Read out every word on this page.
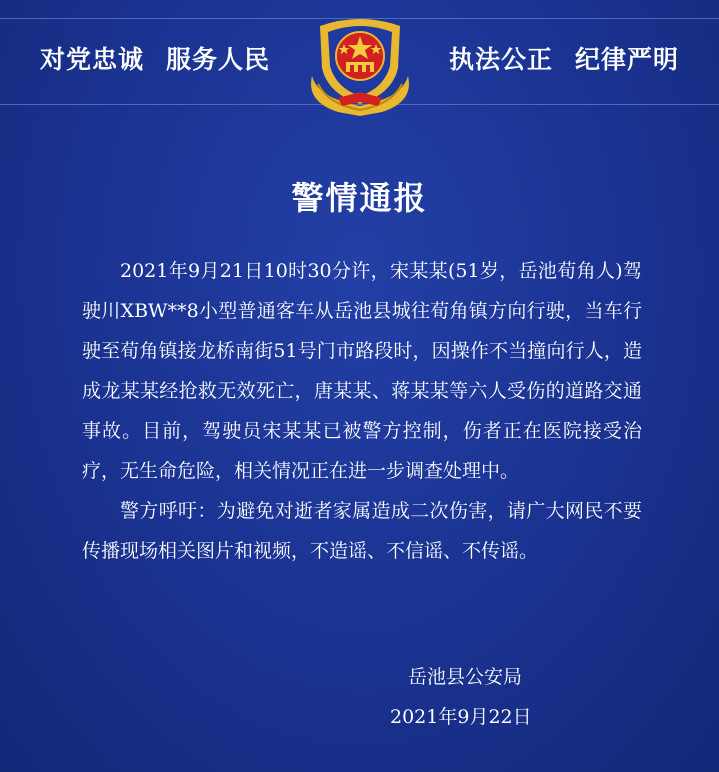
对党忠诚 服务人民	执法公正 纪律严明
警情通报

2021年9月21日10时30分许，宋某某(51岁，岳池荀角人)驾驶川XBW**8小型普通客车从岳池县城往荀角镇方向行驶，当车行驶至荀角镇接龙桥南街51号门市路段时，因操作不当撞向行人，造成龙某某经抢救无效死亡，唐某某、蒋某某等六人受伤的道路交通事故。目前，驾驶员宋某某已被警方控制，伤者正在医院接受治疗，无生命危险，相关情况正在进一步调查处理中。

警方呼吁：为避免对逝者家属造成二次伤害，请广大网民不要传播现场相关图片和视频，不造谣、不信谣、不传谣。

岳池县公安局
2021年9月22日
